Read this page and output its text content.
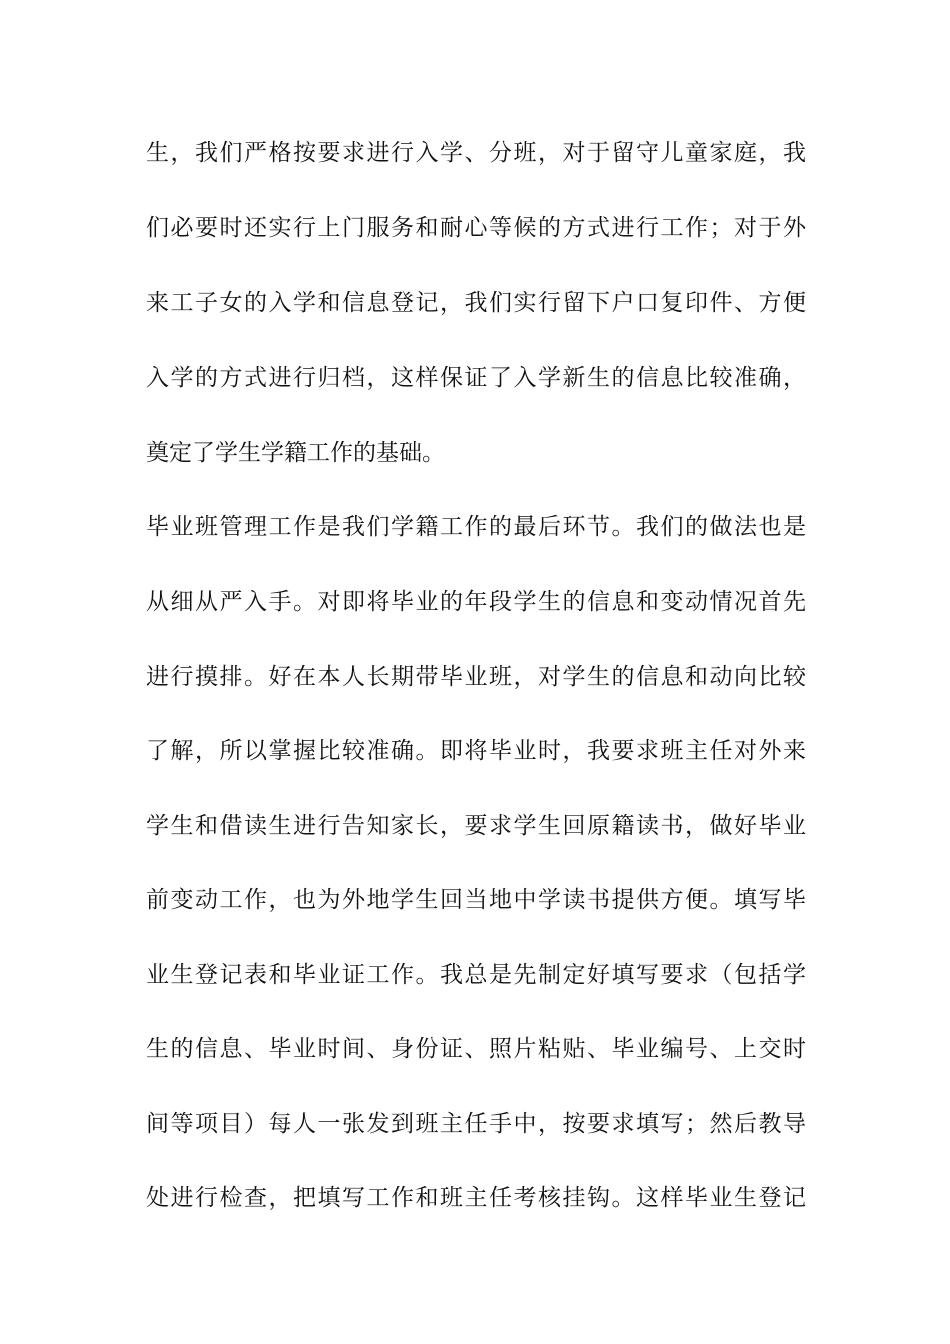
生，我们严格按要求进行入学、分班，对于留守儿童家庭，我
们必要时还实行上门服务和耐心等候的方式进行工作；对于外
来工子女的入学和信息登记，我们实行留下户口复印件、方便
入学的方式进行归档，这样保证了入学新生的信息比较准确，
奠定了学生学籍工作的基础。
毕业班管理工作是我们学籍工作的最后环节。我们的做法也是
从细从严入手。对即将毕业的年段学生的信息和变动情况首先
进行摸排。好在本人长期带毕业班，对学生的信息和动向比较
了解，所以掌握比较准确。即将毕业时，我要求班主任对外来
学生和借读生进行告知家长，要求学生回原籍读书，做好毕业
前变动工作，也为外地学生回当地中学读书提供方便。填写毕
业生登记表和毕业证工作。我总是先制定好填写要求（包括学
生的信息、毕业时间、身份证、照片粘贴、毕业编号、上交时
间等项目）每人一张发到班主任手中，按要求填写；然后教导
处进行检查，把填写工作和班主任考核挂钩。这样毕业生登记
